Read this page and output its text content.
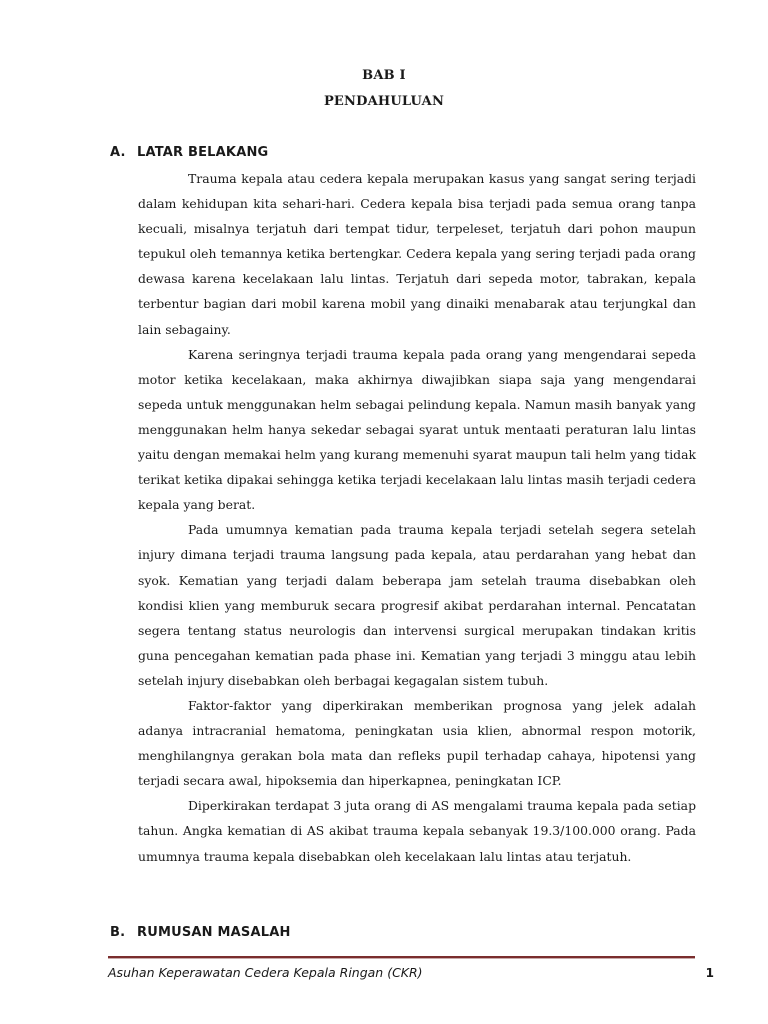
BAB I
PENDAHULUAN
A. LATAR BELAKANG

Trauma kepala atau cedera kepala merupakan kasus yang sangat sering terjadi dalam kehidupan kita sehari-hari. Cedera kepala bisa terjadi pada semua orang tanpa kecuali, misalnya terjatuh dari tempat tidur, terpeleset, terjatuh dari pohon maupun tepukul oleh temannya ketika bertengkar. Cedera kepala yang sering terjadi pada orang dewasa karena kecelakaan lalu lintas. Terjatuh dari sepeda motor, tabrakan, kepala terbentur bagian dari mobil karena mobil yang dinaiki menabarak atau terjungkal dan lain sebagainy.

Karena seringnya terjadi trauma kepala pada orang yang mengendarai sepeda motor ketika kecelakaan, maka akhirnya diwajibkan siapa saja yang mengendarai sepeda untuk menggunakan helm sebagai pelindung kepala. Namun masih banyak yang menggunakan helm hanya sekedar sebagai syarat untuk mentaati peraturan lalu lintas yaitu dengan memakai helm yang kurang memenuhi syarat maupun tali helm yang tidak terikat ketika dipakai sehingga ketika terjadi kecelakaan lalu lintas masih terjadi cedera kepala yang berat.

Pada umumnya kematian pada trauma kepala terjadi setelah segera setelah injury dimana terjadi trauma langsung pada kepala, atau perdarahan yang hebat dan syok. Kematian yang terjadi dalam beberapa jam setelah trauma disebabkan oleh kondisi klien yang memburuk secara progresif akibat perdarahan internal. Pencatatan segera tentang status neurologis dan intervensi surgical merupakan tindakan kritis guna pencegahan kematian pada phase ini. Kematian yang terjadi 3 minggu atau lebih setelah injury disebabkan oleh berbagai kegagalan sistem tubuh.

Faktor-faktor yang diperkirakan memberikan prognosa yang jelek adalah adanya intracranial hematoma, peningkatan usia klien, abnormal respon motorik, menghilangnya gerakan bola mata dan refleks pupil terhadap cahaya, hipotensi yang terjadi secara awal, hipoksemia dan hiperkapnea, peningkatan ICP.

Diperkirakan terdapat 3 juta orang di AS mengalami trauma kepala pada setiap tahun. Angka kematian di AS akibat trauma kepala sebanyak 19.3/100.000 orang. Pada umumnya trauma kepala disebabkan oleh kecelakaan lalu lintas atau terjatuh.

B. RUMUSAN MASALAH
Asuhan Keperawatan Cedera Kepala Ringan (CKR)	1
